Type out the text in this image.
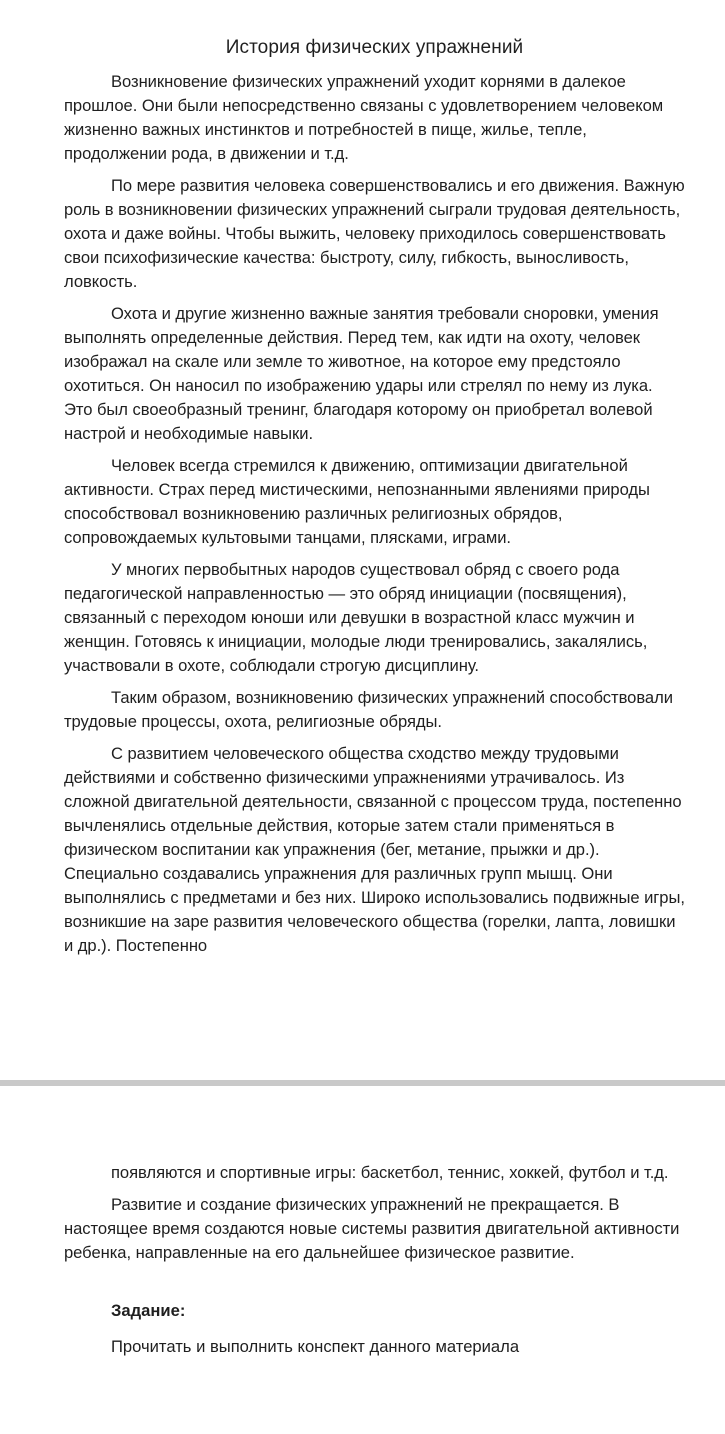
История физических упражнений

Возникновение физических упражнений уходит корнями в далекое прошлое. Они были непосредственно связаны с удовлетворением человеком жизненно важных инстинктов и потребностей в пище, жилье, тепле, продолжении рода, в движении и т.д.

По мере развития человека совершенствовались и его движения. Важную роль в возникновении физических упражнений сыграли трудовая деятельность, охота и даже войны. Чтобы выжить, человеку приходилось совершенствовать свои психофизические качества: быстроту, силу, гибкость, выносливость, ловкость.

Охота и другие жизненно важные занятия требовали сноровки, умения выполнять определенные действия. Перед тем, как идти на охоту, человек изображал на скале или земле то животное, на которое ему предстояло охотиться. Он наносил по изображению удары или стрелял по нему из лука. Это был своеобразный тренинг, благодаря которому он приобретал волевой настрой и необходимые навыки.

Человек всегда стремился к движению, оптимизации двигательной активности. Страх перед мистическими, непознанными явлениями природы способствовал возникновению различных религиозных обрядов, сопровождаемых культовыми танцами, плясками, играми.

У многих первобытных народов существовал обряд с своего рода педагогической направленностью — это обряд инициации (посвящения), связанный с переходом юноши или девушки в возрастной класс мужчин и женщин. Готовясь к инициации, молодые люди тренировались, закалялись, участвовали в охоте, соблюдали строгую дисциплину.

Таким образом, возникновению физических упражнений способствовали трудовые процессы, охота, религиозные обряды.

С развитием человеческого общества сходство между трудовыми действиями и собственно физическими упражнениями утрачивалось. Из сложной двигательной деятельности, связанной с процессом труда, постепенно вычленялись отдельные действия, которые затем стали применяться в физическом воспитании как упражнения (бег, метание, прыжки и др.). Специально создавались упражнения для различных групп мышц. Они выполнялись с предметами и без них. Широко использовались подвижные игры, возникшие на заре развития человеческого общества (горелки, лапта, ловишки и др.). Постепенно

появляются и спортивные игры: баскетбол, теннис, хоккей, футбол и т.д.

Развитие и создание физических упражнений не прекращается. В настоящее время создаются новые системы развития двигательной активности ребенка, направленные на его дальнейшее физическое развитие.

Задание:
Прочитать и выполнить конспект данного материала
